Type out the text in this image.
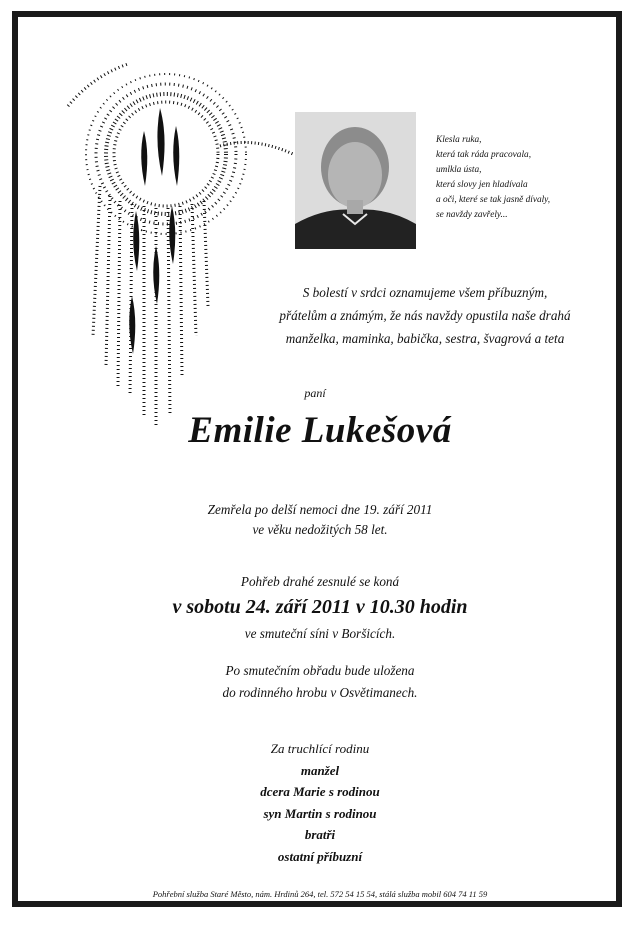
Klesla ruka,
která tak ráda pracovala,
umlkla ústa,
která slovy jen hladívala
a oči, které se tak jasně dívaly,
se navždy zavřely...
S bolestí v srdci oznamujeme všem příbuzným,
přátelům a známým, že nás navždy opustila naše drahá
manželka, maminka, babička, sestra, švagrová a teta
paní
Emilie Lukešová
Zemřela po delší nemoci dne 19. září 2011
ve věku nedožitých 58 let.
Pohřeb drahé zesnulé se koná
v sobotu 24. září 2011 v 10.30 hodin
ve smuteční síni v Boršicích.
Po smutečním obřadu bude uložena
do rodinného hrobu v Osvětimanech.
Za truchlící rodinu
manžel
dcera Marie s rodinou
syn Martin s rodinou
bratři
ostatní příbuzní
Pohřební služba Staré Město, nám. Hrdinů 264, tel. 572 54 15 54, stálá služba mobil 604 74 11 59
